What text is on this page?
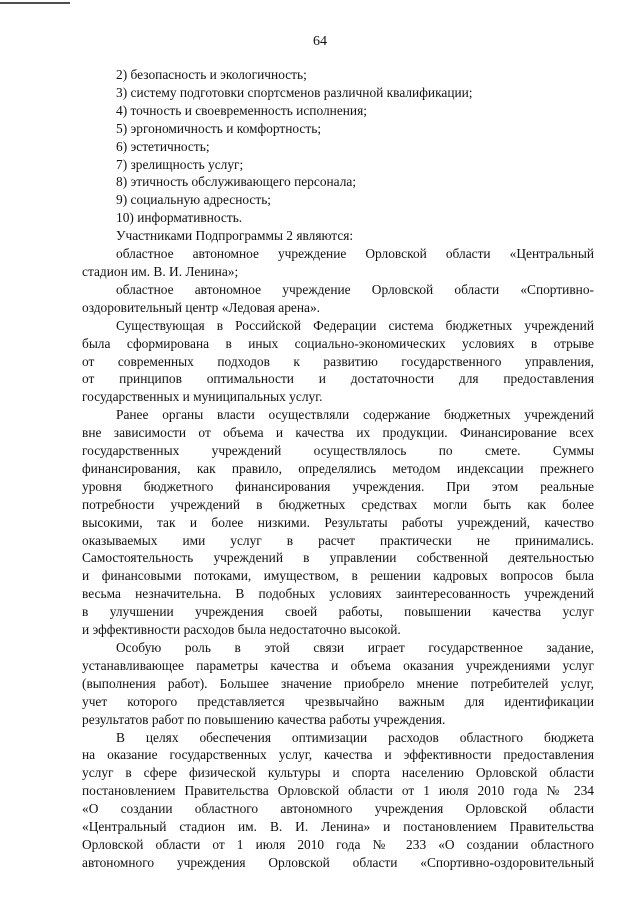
64
2) безопасность и экологичность;
3) систему подготовки спортсменов различной квалификации;
4) точность и своевременность исполнения;
5) эргономичность и комфортность;
6) эстетичность;
7) зрелищность услуг;
8) этичность обслуживающего персонала;
9) социальную адресность;
10) информативность.
Участниками Подпрограммы 2 являются:
областное автономное учреждение Орловской области «Центральный
стадион им. В. И. Ленина»;
областное автономное учреждение Орловской области «Спортивно-
оздоровительный центр «Ледовая арена».
Существующая в Российской Федерации система бюджетных учреждений
была сформирована в иных социально-экономических условиях в отрыве
от современных подходов к развитию государственного управления,
от принципов оптимальности и достаточности для предоставления
государственных и муниципальных услуг.
Ранее органы власти осуществляли содержание бюджетных учреждений
вне зависимости от объема и качества их продукции. Финансирование всех
государственных учреждений осуществлялось по смете. Суммы
финансирования, как правило, определялись методом индексации прежнего
уровня бюджетного финансирования учреждения. При этом реальные
потребности учреждений в бюджетных средствах могли быть как более
высокими, так и более низкими. Результаты работы учреждений, качество
оказываемых ими услуг в расчет практически не принимались.
Самостоятельность учреждений в управлении собственной деятельностью
и финансовыми потоками, имуществом, в решении кадровых вопросов была
весьма незначительна. В подобных условиях заинтересованность учреждений
в улучшении учреждения своей работы, повышении качества услуг
и эффективности расходов была недостаточно высокой.
Особую роль в этой связи играет государственное задание,
устанавливающее параметры качества и объема оказания учреждениями услуг
(выполнения работ). Большее значение приобрело мнение потребителей услуг,
учет которого представляется чрезвычайно важным для идентификации
результатов работ по повышению качества работы учреждения.
В целях обеспечения оптимизации расходов областного бюджета
на оказание государственных услуг, качества и эффективности предоставления
услуг в сфере физической культуры и спорта населению Орловской области
постановлением Правительства Орловской области от 1 июля 2010 года № 234
«О создании областного автономного учреждения Орловской области
«Центральный стадион им. В. И. Ленина» и постановлением Правительства
Орловской области от 1 июля 2010 года № 233 «О создании областного
автономного учреждения Орловской области «Спортивно-оздоровительный
